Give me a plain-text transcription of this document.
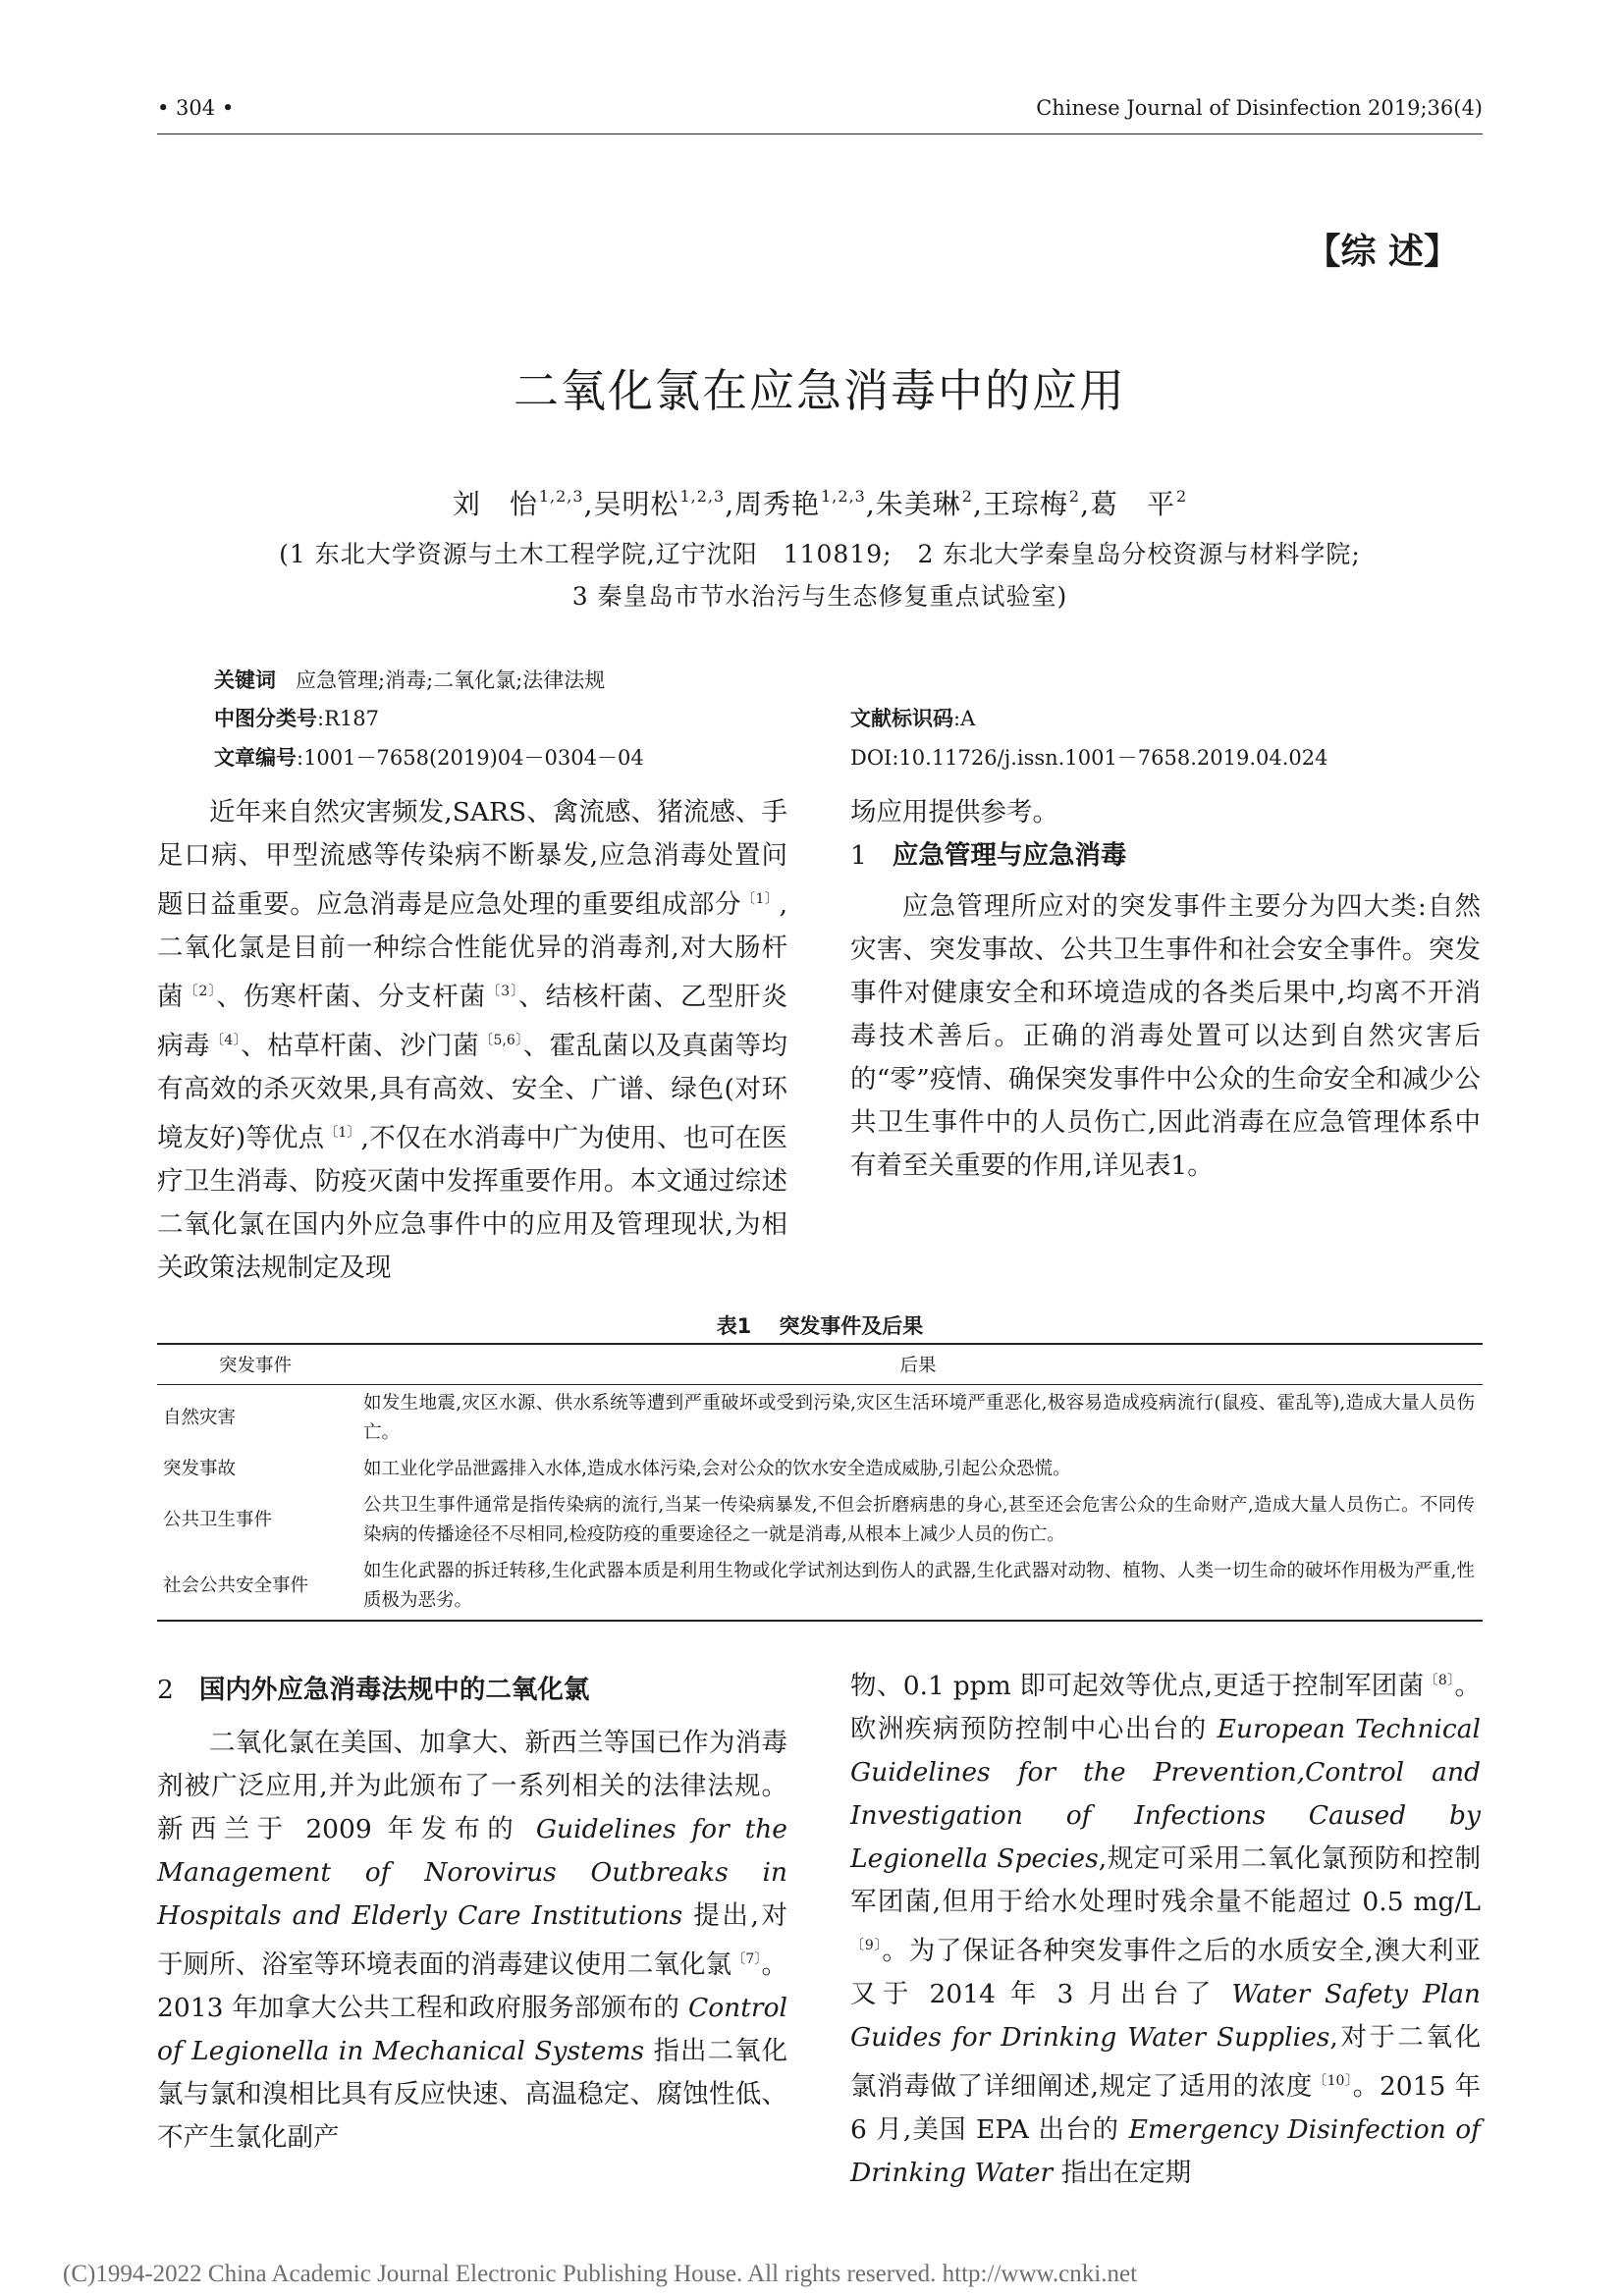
• 304 •	Chinese Journal of Disinfection 2019;36(4)
【综 述】
二氧化氯在应急消毒中的应用
刘　怡$^{1,2,3}$,吴明松$^{1,2,3}$,周秀艳$^{1,2,3}$,朱美琳$^2$,王琮梅$^2$,葛　平$^2$
(1 东北大学资源与土木工程学院,辽宁沈阳　110819;　2 东北大学秦皇岛分校资源与材料学院;
3 秦皇岛市节水治污与生态修复重点试验室)
关键词 应急管理;消毒;二氧化氯;法律法规
中图分类号:R187
文章编号:1001－7658(2019)04－0304－04
文献标识码:A
DOI:10.11726/j.issn.1001－7658.2019.04.024

近年来自然灾害频发,SARS、禽流感、猪流感、手足口病、甲型流感等传染病不断暴发,应急消毒处置问题日益重要。应急消毒是应急处理的重要组成部分$^{〔1〕}$,二氧化氯是目前一种综合性能优异的消毒剂,对大肠杆菌$^{〔2〕}$、伤寒杆菌、分支杆菌$^{〔3〕}$、结核杆菌、乙型肝炎病毒$^{〔4〕}$、枯草杆菌、沙门菌$^{〔5,6〕}$、霍乱菌以及真菌等均有高效的杀灭效果,具有高效、安全、广谱、绿色(对环境友好)等优点$^{〔1〕}$,不仅在水消毒中广为使用、也可在医疗卫生消毒、防疫灭菌中发挥重要作用。本文通过综述二氧化氯在国内外应急事件中的应用及管理现状,为相关政策法规制定及现

场应用提供参考。

1 应急管理与应急消毒

应急管理所应对的突发事件主要分为四大类:自然灾害、突发事故、公共卫生事件和社会安全事件。突发事件对健康安全和环境造成的各类后果中,均离不开消毒技术善后。正确的消毒处置可以达到自然灾害后的“零”疫情、确保突发事件中公众的生命安全和减少公共卫生事件中的人员伤亡,因此消毒在应急管理体系中有着至关重要的作用,详见表1。

表1 突发事件及后果
突发事件	后果
自然灾害	如发生地震,灾区水源、供水系统等遭到严重破坏或受到污染,灾区生活环境严重恶化,极容易造成疫病流行(鼠疫、霍乱等),造成大量人员伤亡。
突发事故	如工业化学品泄露排入水体,造成水体污染,会对公众的饮水安全造成威胁,引起公众恐慌。
公共卫生事件	公共卫生事件通常是指传染病的流行,当某一传染病暴发,不但会折磨病患的身心,甚至还会危害公众的生命财产,造成大量人员伤亡。不同传染病的传播途径不尽相同,检疫防疫的重要途径之一就是消毒,从根本上减少人员的伤亡。
社会公共安全事件	如生化武器的拆迁转移,生化武器本质是利用生物或化学试剂达到伤人的武器,生化武器对动物、植物、人类一切生命的破坏作用极为严重,性质极为恶劣。

2 国内外应急消毒法规中的二氧化氯

二氧化氯在美国、加拿大、新西兰等国已作为消毒剂被广泛应用,并为此颁布了一系列相关的法律法规。新西兰于 2009 年发布的 Guidelines for the Management of Norovirus Outbreaks in Hospitals and Elderly Care Institutions 提出,对于厕所、浴室等环境表面的消毒建议使用二氧化氯$^{〔7〕}$。2013 年加拿大公共工程和政府服务部颁布的 Control of Legionella in Mechanical Systems 指出二氧化氯与氯和溴相比具有反应快速、高温稳定、腐蚀性低、不产生氯化副产

物、0.1 ppm 即可起效等优点,更适于控制军团菌$^{〔8〕}$。欧洲疾病预防控制中心出台的 European Technical Guidelines for the Prevention,Control and Investigation of Infections Caused by Legionella Species,规定可采用二氧化氯预防和控制军团菌,但用于给水处理时残余量不能超过 0.5 $mg/L^{〔9〕}$。为了保证各种突发事件之后的水质安全,澳大利亚又于 2014 年 3 月出台了 Water Safety Plan Guides for Drinking Water Supplies,对于二氧化氯消毒做了详细阐述,规定了适用的浓度$^{〔10〕}$。2015 年 6 月,美国 EPA 出台的 Emergency Disinfection of Drinking Water 指出在定期

(C)1994-2022 China Academic Journal Electronic Publishing House. All rights reserved. http://www.cnki.net
